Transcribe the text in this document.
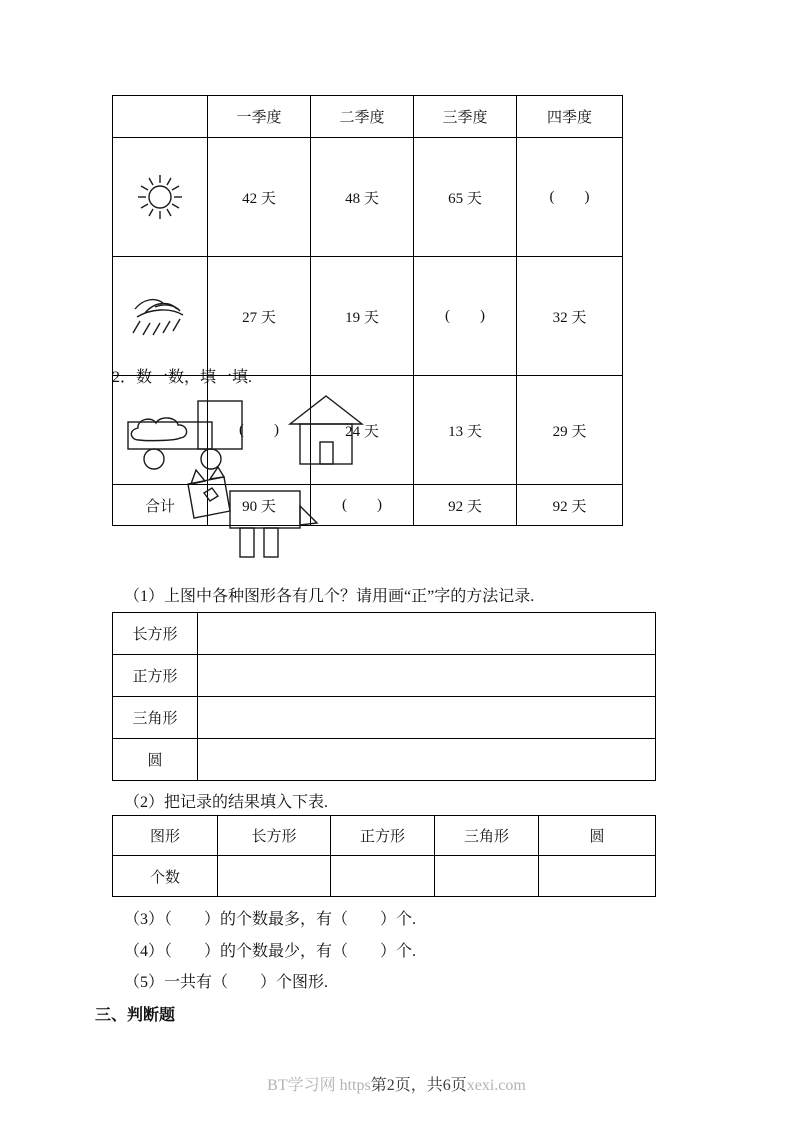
	一季度	二季度	三季度	四季度

	42 天	48 天	65 天	(        )

	27 天	19 天	(        )	32 天

	(        )	24 天	13 天	29 天
合计	90 天	(        )	92 天	92 天
2．数一数，填一填.
（1）上图中各种图形各有几个？请用画“正”字的方法记录.
长方形	
正方形	
三角形	
圆	
（2）把记录的结果填入下表.
图形	长方形	正方形	三角形	圆
个数				
（3）（        ）的个数最多，有（        ）个.
（4）（        ）的个数最少，有（        ）个.
（5）一共有（        ）个图形.
三、判断题
BT学习网 https第2页，共6页xexi.com
